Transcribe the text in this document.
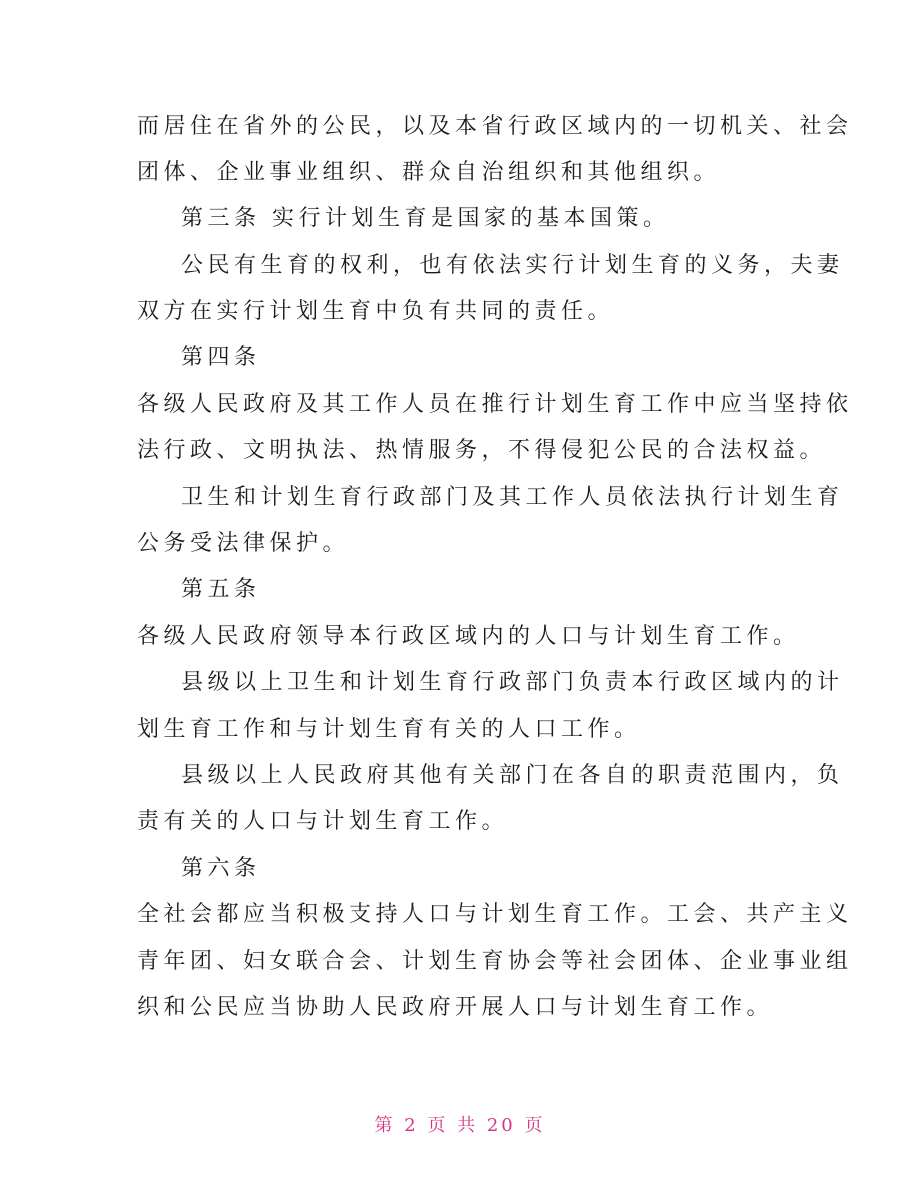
而居住在省外的公民，以及本省行政区域内的一切机关、社会
团体、企业事业组织、群众自治组织和其他组织。
第三条 实行计划生育是国家的基本国策。
公民有生育的权利，也有依法实行计划生育的义务，夫妻
双方在实行计划生育中负有共同的责任。
第四条
各级人民政府及其工作人员在推行计划生育工作中应当坚持依
法行政、文明执法、热情服务，不得侵犯公民的合法权益。
卫生和计划生育行政部门及其工作人员依法执行计划生育
公务受法律保护。
第五条
各级人民政府领导本行政区域内的人口与计划生育工作。
县级以上卫生和计划生育行政部门负责本行政区域内的计
划生育工作和与计划生育有关的人口工作。
县级以上人民政府其他有关部门在各自的职责范围内，负
责有关的人口与计划生育工作。
第六条
全社会都应当积极支持人口与计划生育工作。工会、共产主义
青年团、妇女联合会、计划生育协会等社会团体、企业事业组
织和公民应当协助人民政府开展人口与计划生育工作。
第 2 页 共 20 页
